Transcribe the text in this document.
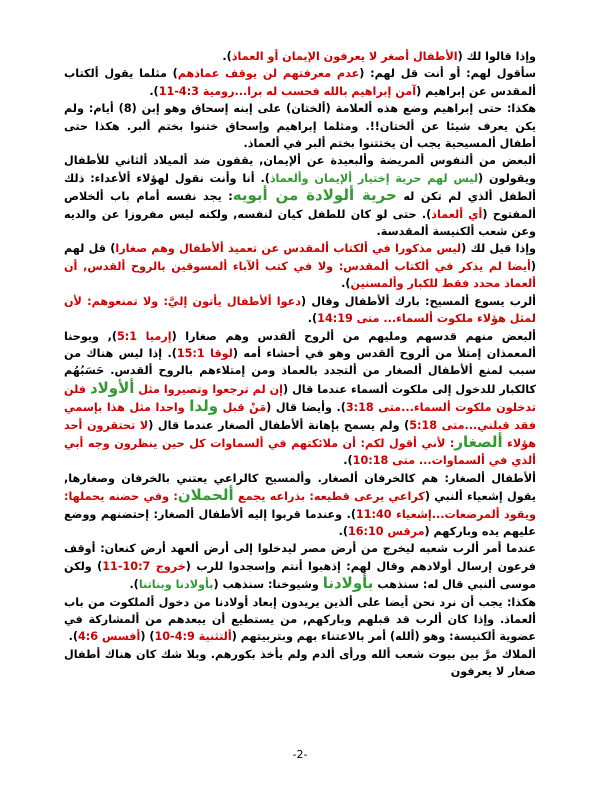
وإذا قالوا لك (الأطفال أصغر لا يعرفون الإيمان أو العماذ).

سأقول لهم: أو أنت قل لهم: (عدم معرفتهم لن يوقف عماذهم) مثلما يقول ألكتاب ألمقدس عن إبراهيم (آمن إبراهيم بالله فحسب له برا...رومية 4:3-11).

هكذا: حتى إبراهيم وضع هذه ألعلامة (ألختان) على إبنه إسحاق وهو إبن (8) أيام: ولم يكن يعرف شيئا عن ألختان!!. ومثلما إبراهيم وإسحاق ختنوا بختم ألبر. هكذا حتى أطفال ألمسيحية يجب أن يختتنوا بختم ألبر في ألعماذ.

ألبعض من ألنفوس ألمريضة وألبعيدة عن ألإيمان, يقفون ضد ألميلاد ألثاني للأطفال ويقولون (ليس لهم حرية إختيار ألإيمان وألعماذ). أنا وأنت نقول لهؤلاء ألأعداء: ذلك ألطفل ألذي لم تكن له حرية ألولادة من أبويه: يجد نفسه أمام باب ألخلاص ألمفتوح (أي ألعماذ). حتى لو كان للطفل كيان لنفسه, ولكنه ليس مفروزا عن والديه وعن شعب ألكنيسة ألمقدسة.

وإذا قيل لك (ليس مذكورا في ألكتاب ألمقدس عن تعميذ ألأطفال وهم صغارا) قل لهم (أيضا لم يذكر في ألكتاب ألمقدس: ولا في كتب ألآباء ألمسوقين بالروح ألقدس, أن ألعماذ محدد فقط للكبار وألمسنين).

ألرب يسوع ألمسيح: بارك ألأطفال وقال (دعوا ألأطفال يأتون إليَّ: ولا تمنعوهم: لأن لمثل هؤلاء ملكوت ألسماء... متى 14:19).

ألبعض منهم قدسهم ومليهم من ألروح ألقدس وهم صغارا (إرميا 5:1), ويوحنا ألمعمذان إمتلأ من ألروح ألقدس وهو في أحشاء أمه (لوقا 15:1). إذا ليس هناك من سبب لمنع ألأطفال ألصغار من ألتجدد بالعماذ ومن إمتلاءهم بالروح ألقدس. حَسَبُهُم كالكبار للدخول إلى ملكوت ألسماء عندما قال (إن لم ترجعوا وتصيروا مثل ألأولاد فلن تدخلون ملكوت ألسماء...متى 3:18). وأيضا قال (مَنْ قبل ولدا واحدا مثل هذا بإسمي فقد قبلني...متى 5:18) ولم يسمح بإهانة ألأطفال ألصغار عندما قال (لا تحتقرون أحد هؤلاء ألصغار: لأني أقول لكم: أن ملائكتهم في ألسماوات كل حين ينظرون وجه أبي ألذي في ألسماوات... متى 10:18).

ألأطفال ألصغار: هم كالخرفان ألصغار. وألمسيح كالراعي يعتني بالخرفان وصغارها, يقول إشعياء ألنبي (كراعي يرعى قطيعه: بذراعه يجمع ألحملان: وفي حضنه يحملها: ويقود ألمرضعات...إشعياء 11:40). وعندما قربوا إليه ألأطفال ألصغار: إحتضنهم ووضع عليهم يده وباركهم (مرقس 16:10).

عندما أمر ألرب شعبه ليخرج من أرض مصر ليدخلوا إلى أرض ألعهد أرض كنعان: أوقف فرعون إرسال أولادهم وقال لهم: إذهبوا أنتم وإسجدوا للرب (خروج 10:7-11) ولكن موسى ألنبي قال له: سنذهب بأولادنا وشيوخنا: سنذهب (بأولادنا وبناتنا).

هكذا: يجب أن نرد نحن أيضا على ألذين يريدون إبعاد أولادنا من دخول ألملكوت من باب ألعماذ. وإذا كان ألرب قد قبلهم وباركهم, من يستطيع أن يبعدهم من ألمشاركة في عضوية ألكنيسة: وهو (ألله) أمر بالاعتناء بهم وبتربيتهم (ألتثنية 4:9-10) (أفسس 4:6).

ألملاك مرَّ بين بيوت شعب ألله ورأى ألدم ولم يأخذ بكورهم. وبلا شك كان هناك أطفال صغار لا يعرفون

-2-
